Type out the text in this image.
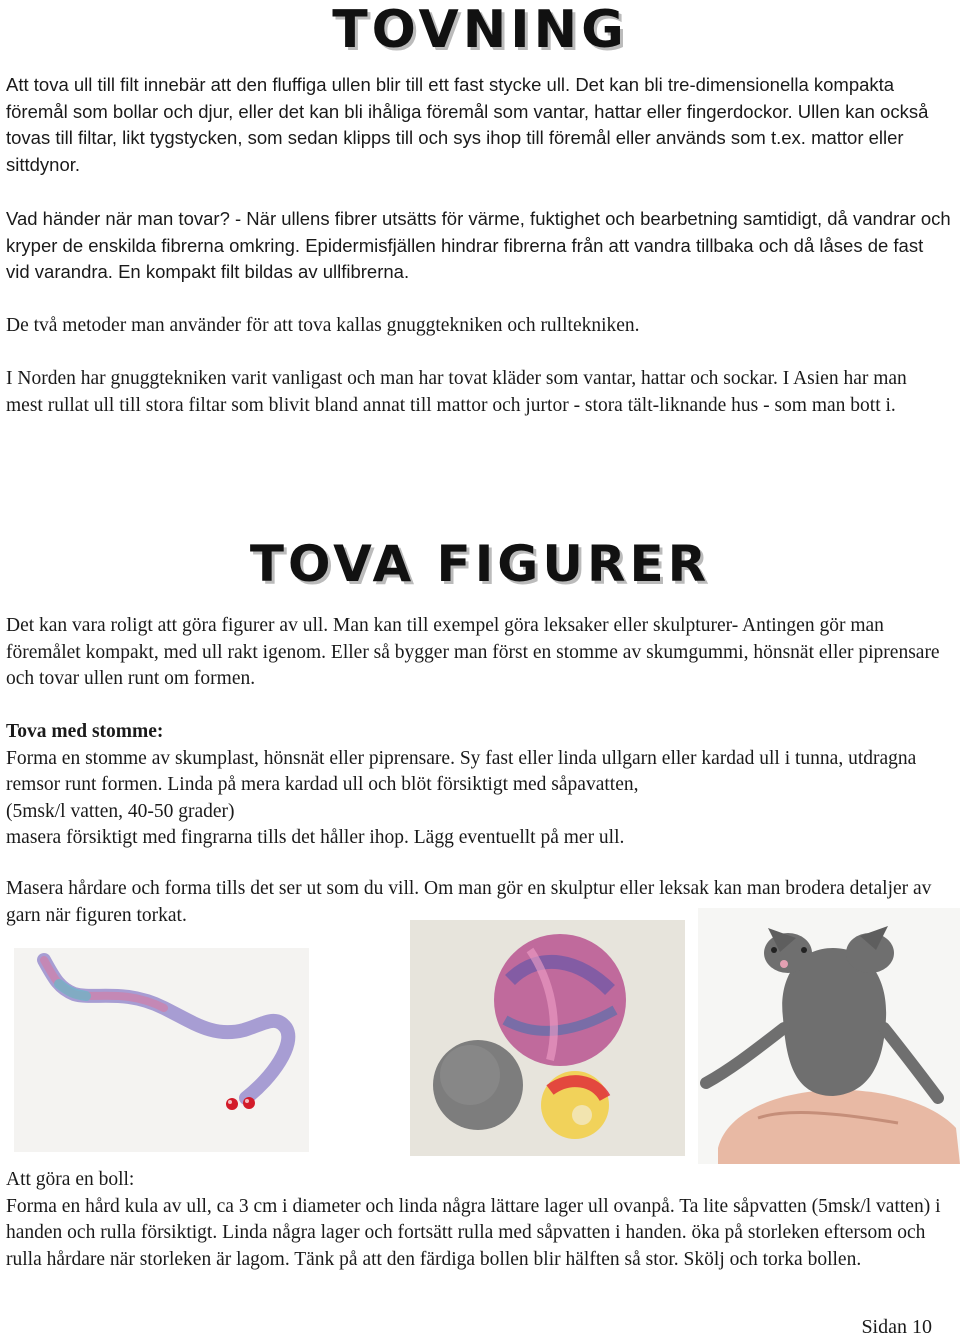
TOVNING

Att tova ull till filt innebär att den fluffiga ullen blir till ett fast stycke ull. Det kan bli tre-dimensionella kompakta föremål som bollar och djur, eller det kan bli ihåliga föremål som vantar, hattar eller fingerdockor. Ullen kan också tovas till filtar, likt tygstycken, som sedan klipps till och sys ihop till föremål eller används som t.ex. mattor eller sittdynor.

Vad händer när man tovar? - När ullens fibrer utsätts för värme, fuktighet och bearbetning samtidigt, då vandrar och kryper de enskilda fibrerna omkring. Epidermisfjällen hindrar fibrerna från att vandra tillbaka och då låses de fast vid varandra. En kompakt filt bildas av ullfibrerna.

De två metoder man använder för att tova kallas gnuggtekniken och rulltekniken.

I Norden har gnuggtekniken varit vanligast och man har tovat kläder som vantar, hattar och sockar. I Asien har man mest rullat ull till stora filtar som blivit bland annat till mattor och jurtor - stora tält-liknande hus - som man bott i.

TOVA FIGURER

Det kan vara roligt att göra figurer av ull. Man kan till exempel göra leksaker eller skulpturer- Antingen gör man föremålet kompakt, med ull rakt igenom. Eller så bygger man först en stomme av skumgummi, hönsnät eller piprensare och tovar ullen runt om formen.

Tova med stomme:
Forma en stomme av skumplast, hönsnät eller piprensare. Sy fast eller linda ullgarn eller kardad ull i tunna, utdragna remsor runt formen. Linda på mera kardad ull och blöt försiktigt med såpavatten,
(5msk/l vatten, 40-50 grader)
masera försiktigt med fingrarna tills det håller ihop. Lägg eventuellt på mer ull.

Masera hårdare och forma tills det ser ut som du vill. Om man gör en skulptur eller leksak kan man brodera detaljer av garn när figuren torkat.

Att göra en boll:
Forma en hård kula av ull, ca 3 cm i diameter och linda några lättare lager ull ovanpå. Ta lite såpvatten (5msk/l vatten) i handen och rulla försiktigt. Linda några lager och fortsätt rulla med såpvatten i handen. öka på storleken eftersom och rulla hårdare när storleken är lagom. Tänk på att den färdiga bollen blir hälften så stor. Skölj och torka bollen.

Sidan 10
